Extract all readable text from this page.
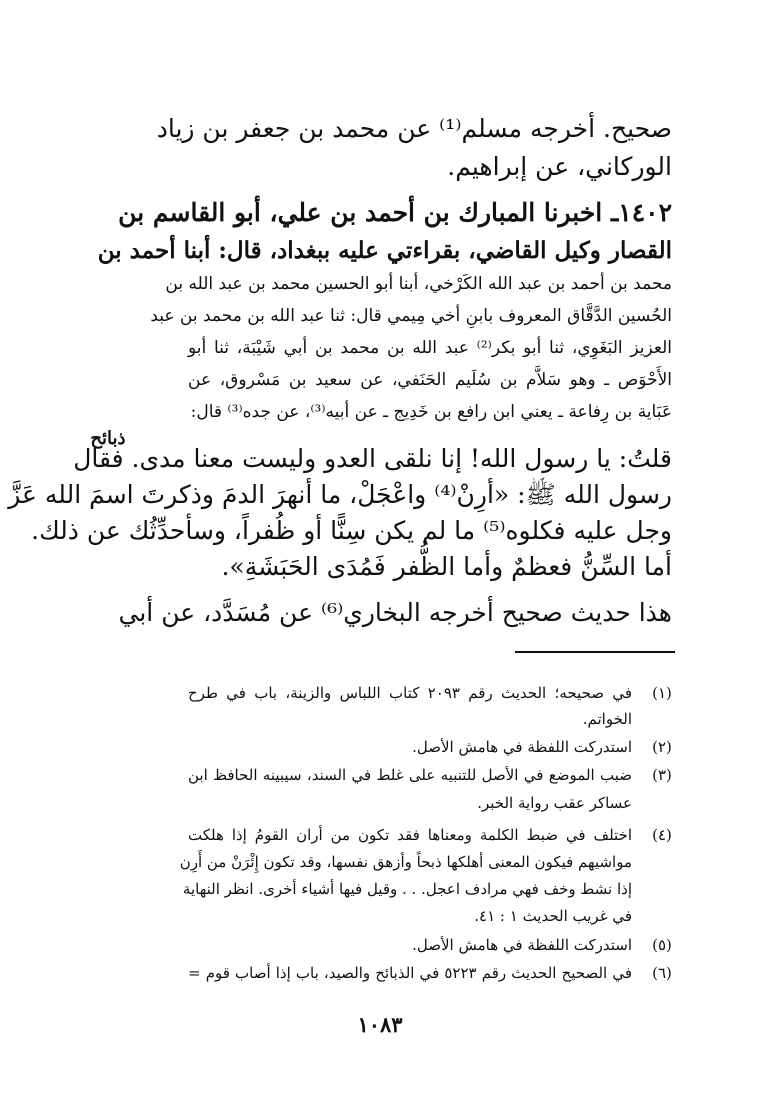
صحيح. أخرجه مسلم⁽¹⁾ عن محمد بن جعفر بن زياد
الوركاني، عن إبراهيم.
١٤٠٢ـ اخبرنا المبارك بن أحمد بن علي، أبو القاسم بن
القصار وكيل القاضي، بقراءتي عليه ببغداد، قال: أبنا أحمد بن
محمد بن أحمد بن عبد الله الكَرْخي، أبنا أبو الحسين محمد بن عبد الله بن
الحُسين الدَّقَّاق المعروف بابنِ أخي مِيمي قال: ثنا عبد الله بن محمد بن عبد
العزيز البَغَوِي، ثنا أبو بكر⁽²⁾ عبد الله بن محمد بن أبي شَيْبَة، ثنا أبو
الأَحْوَص ـ وهو سَلاَّم بن سُلَيم الحَنَفي، عن سعيد بن مَسْروق، عن
عَبَاية بن رِفاعة ـ يعني ابن رافع بن خَدِيج ـ عن أبيه⁽³⁾، عن جده⁽³⁾ قال:
ذبائح
قلتُ: يا رسول الله! إنا نلقى العدو وليست معنا مدى. فقال
رسول الله ﷺ: «أرِنْ⁽⁴⁾ واعْجَلْ، ما أنهرَ الدمَ وذكرتَ اسمَ الله عَزَّ
وجل عليه فكلوه⁽⁵⁾ ما لم يكن سِنًّا أو ظُفراً، وسأحدِّثُك عن ذلك.
أما السِّنُّ فعظمٌ وأما الظُّفر فَمُدَى الحَبَشَةِ».
هذا حديث صحيح أخرجه البخاري⁽⁶⁾ عن مُسَدَّد، عن أبي
(١)
في صحيحه؛ الحديث رقم ٢٠٩٣ كتاب اللباس والزينة، باب في طرح
الخواتم.
(٢)
استدركت اللفظة في هامش الأصل.
(٣)
ضبب الموضع في الأصل للتنبيه على غلط في السند، سيبينه الحافظ ابن
عساكر عقب رواية الخبر.
(٤)
اختلف في ضبط الكلمة ومعناها فقد تكون من أران القومُ إذا هلكت
مواشيهم فيكون المعنى أهلكها ذبحاً وأزهق نفسها، وقد تكون إِئْرَنْ من أَرِن
إذا نشط وخف فهي مرادف اعجل. . . وقيل فيها أشياء أخرى. انظر النهاية
في غريب الحديث ١ : ٤١.
(٥)
استدركت اللفظة في هامش الأصل.
(٦)
في الصحيح الحديث رقم ٥٢٢٣ في الذبائح والصيد، باب إذا أصاب قوم =
١٠٨٣
